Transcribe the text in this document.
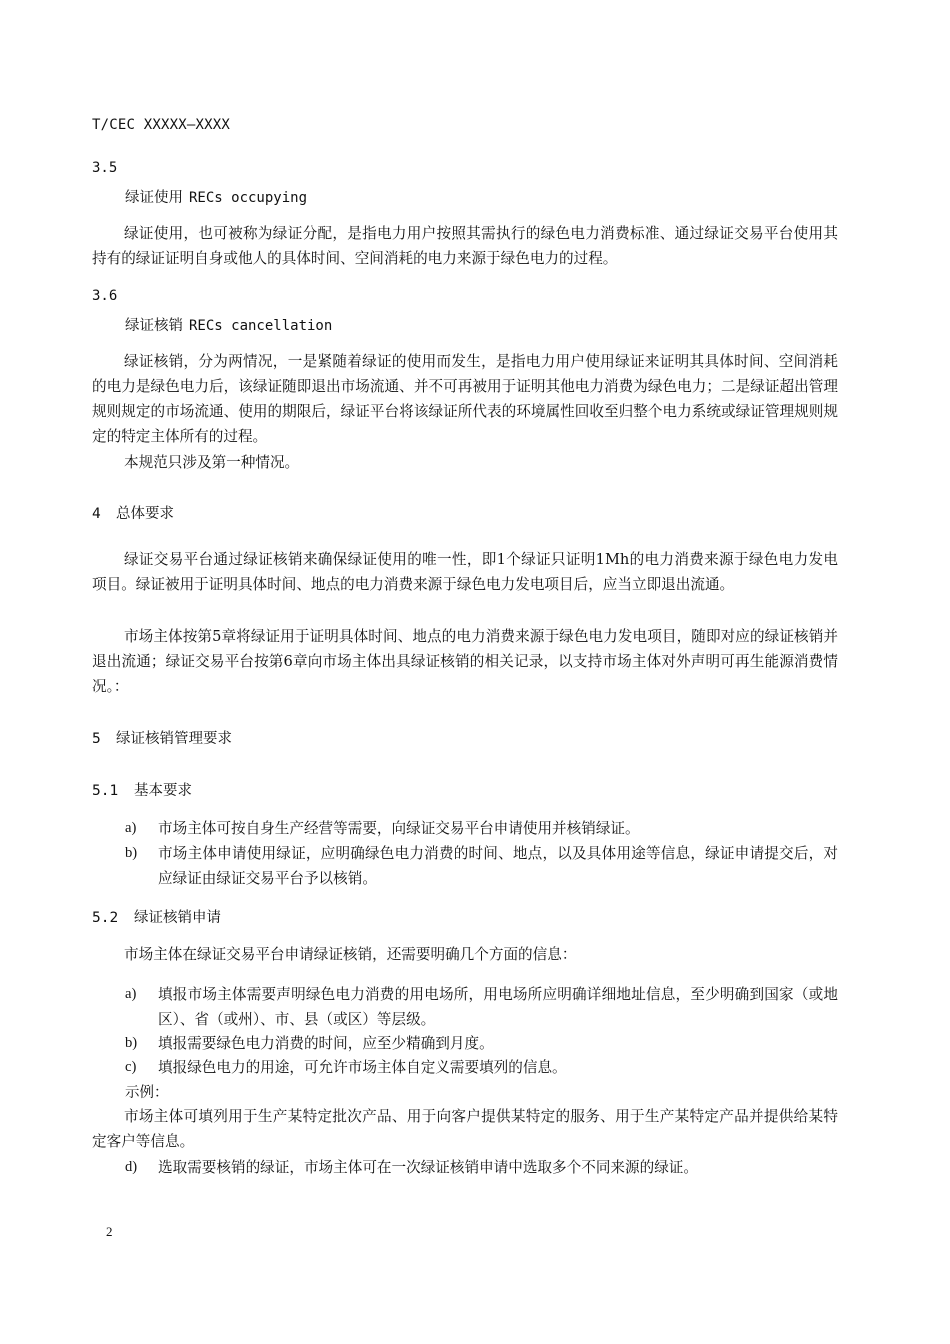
T/CEC XXXXX—XXXX
3.5
绿证使用 RECs occupying
绿证使用，也可被称为绿证分配，是指电力用户按照其需执行的绿色电力消费标准、通过绿证交易平台使用其持有的绿证证明自身或他人的具体时间、空间消耗的电力来源于绿色电力的过程。
3.6
绿证核销 RECs cancellation
绿证核销，分为两情况，一是紧随着绿证的使用而发生，是指电力用户使用绿证来证明其具体时间、空间消耗的电力是绿色电力后，该绿证随即退出市场流通、并不可再被用于证明其他电力消费为绿色电力；二是绿证超出管理规则规定的市场流通、使用的期限后，绿证平台将该绿证所代表的环境属性回收至归整个电力系统或绿证管理规则规定的特定主体所有的过程。
本规范只涉及第一种情况。
4 总体要求
绿证交易平台通过绿证核销来确保绿证使用的唯一性，即1个绿证只证明1Mh的电力消费来源于绿色电力发电项目。绿证被用于证明具体时间、地点的电力消费来源于绿色电力发电项目后，应当立即退出流通。
市场主体按第5章将绿证用于证明具体时间、地点的电力消费来源于绿色电力发电项目，随即对应的绿证核销并退出流通；绿证交易平台按第6章向市场主体出具绿证核销的相关记录，以支持市场主体对外声明可再生能源消费情况。：
5 绿证核销管理要求
5.1 基本要求
a)	市场主体可按自身生产经营等需要，向绿证交易平台申请使用并核销绿证。
b)	市场主体申请使用绿证，应明确绿色电力消费的时间、地点，以及具体用途等信息，绿证申请提交后，对应绿证由绿证交易平台予以核销。
5.2 绿证核销申请
市场主体在绿证交易平台申请绿证核销，还需要明确几个方面的信息：
a)	填报市场主体需要声明绿色电力消费的用电场所，用电场所应明确详细地址信息，至少明确到国家（或地区）、省（或州）、市、县（或区）等层级。
b)	填报需要绿色电力消费的时间，应至少精确到月度。
c)	填报绿色电力的用途，可允许市场主体自定义需要填列的信息。
示例：
市场主体可填列用于生产某特定批次产品、用于向客户提供某特定的服务、用于生产某特定产品并提供给某特定客户等信息。
d)	选取需要核销的绿证，市场主体可在一次绿证核销申请中选取多个不同来源的绿证。
2
